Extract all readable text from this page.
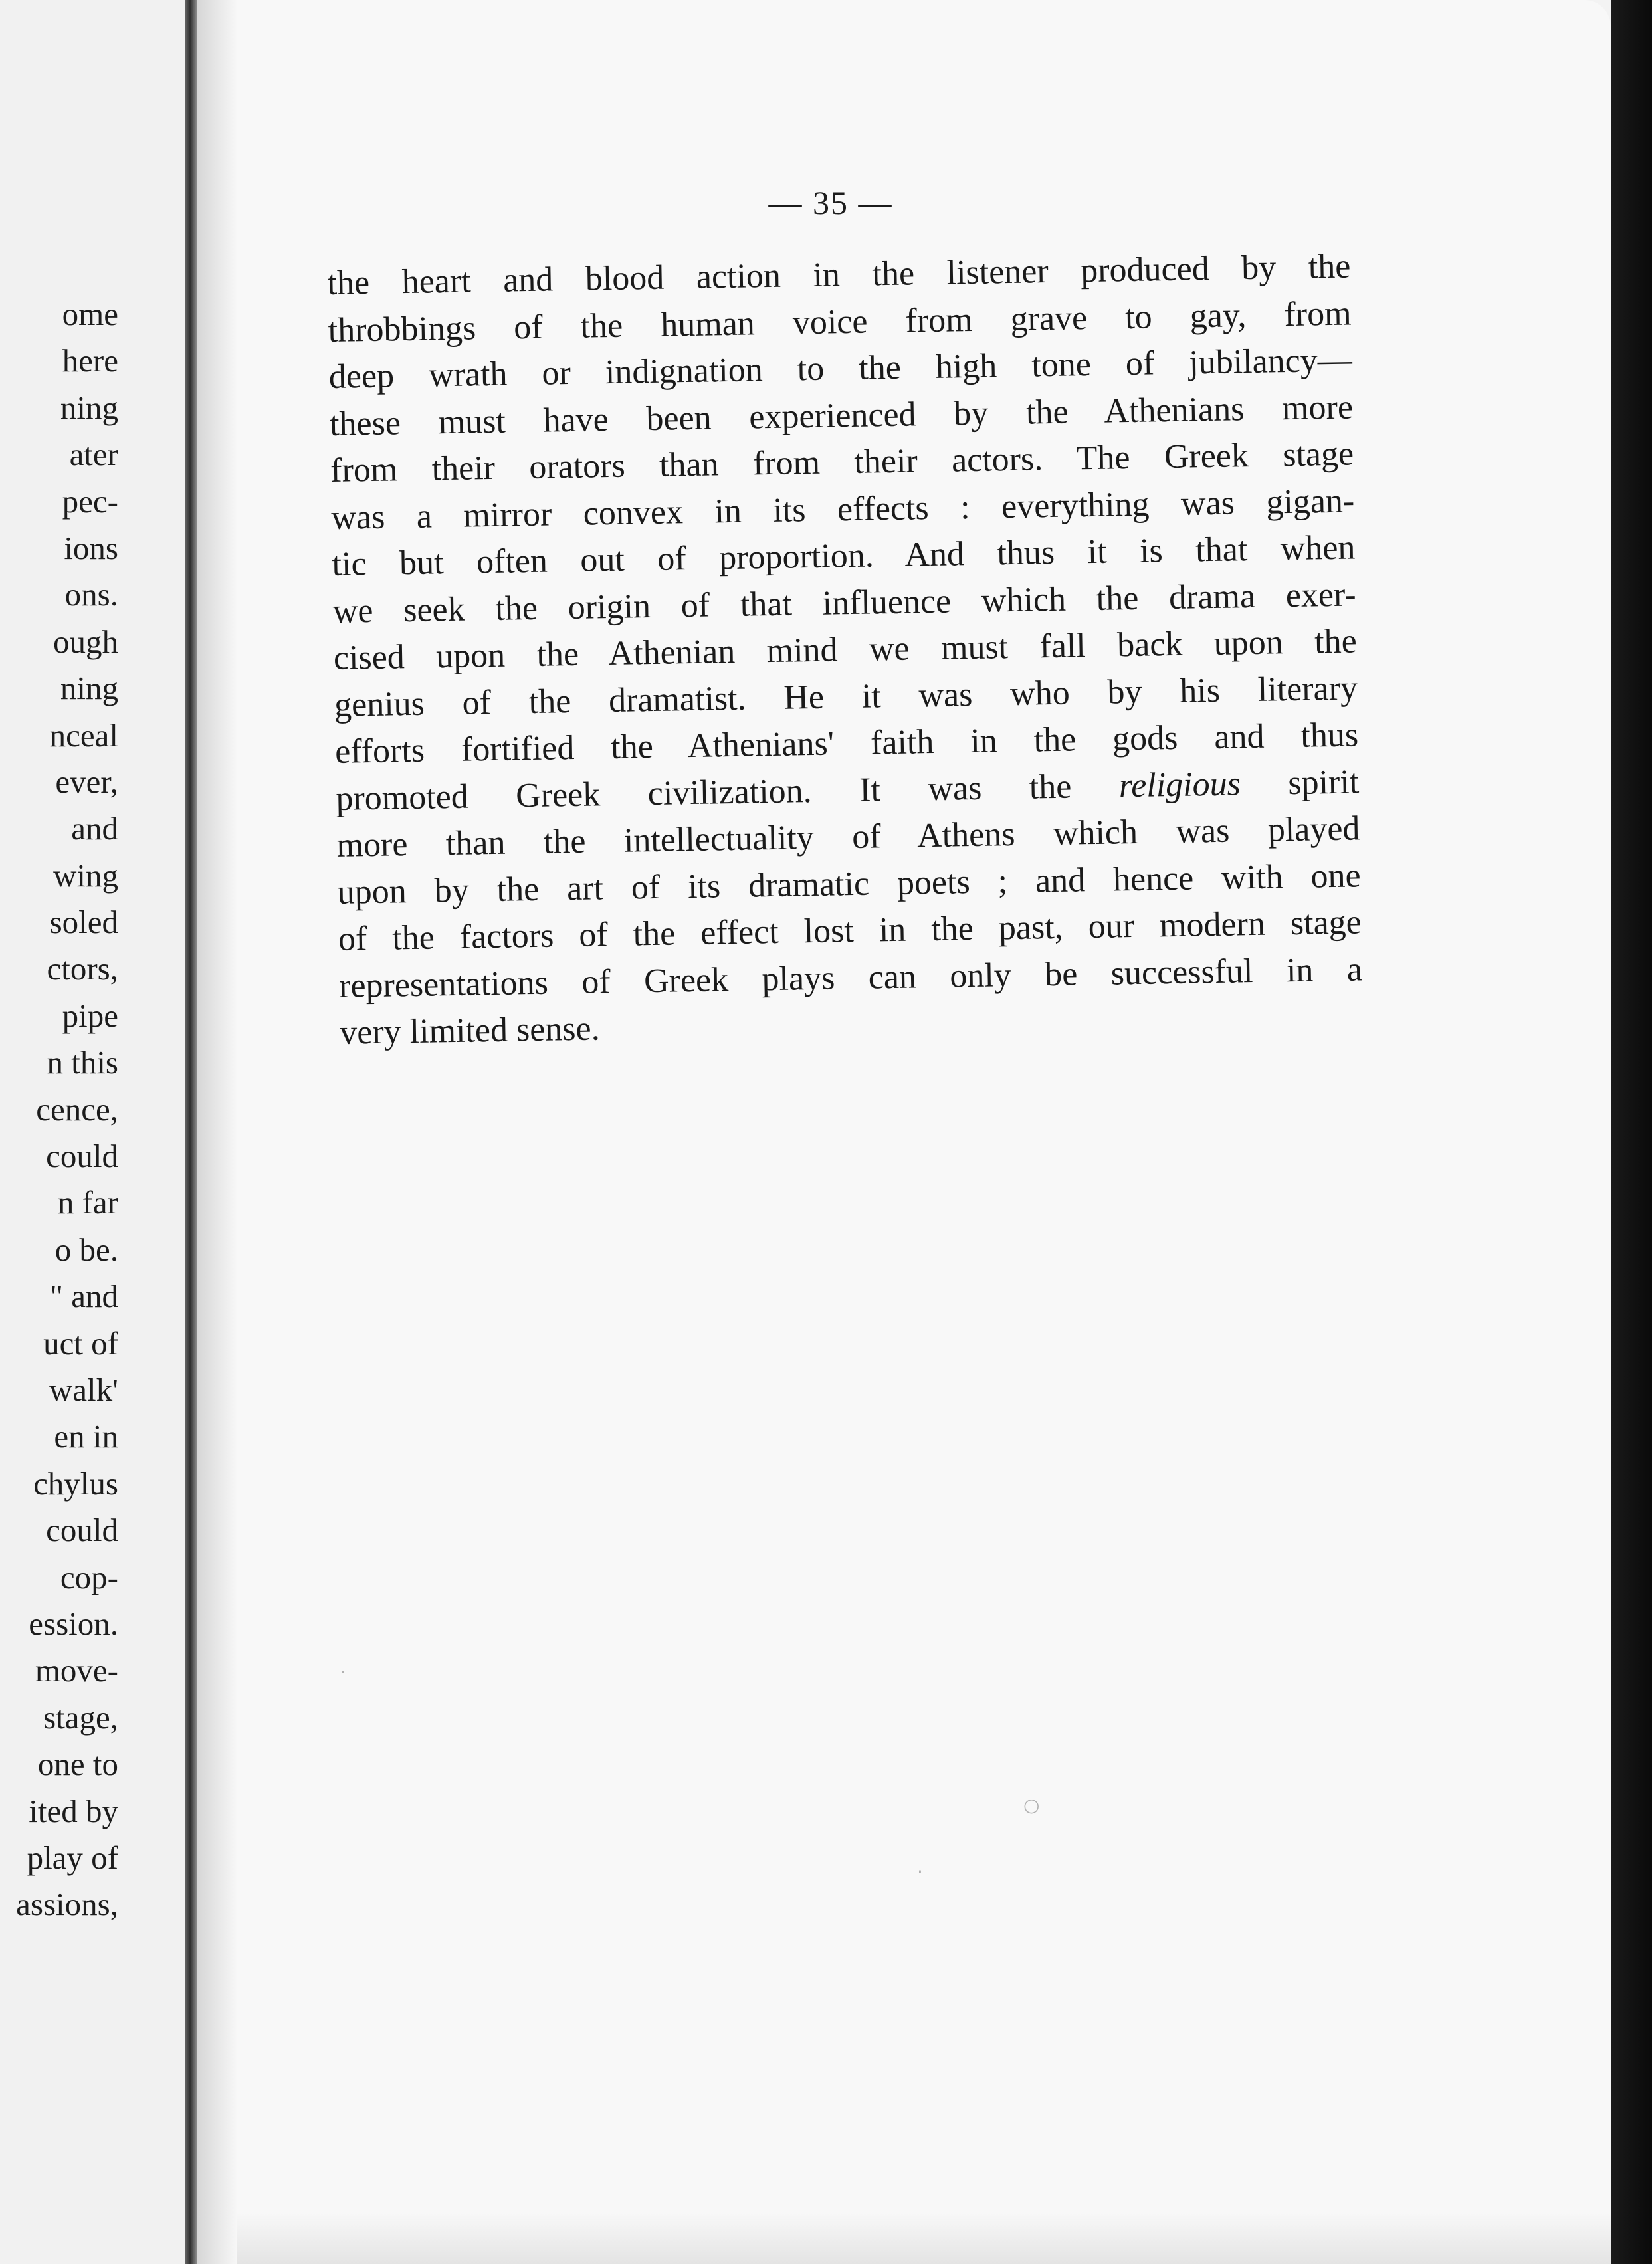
ome
here
ning
ater
pec-
ions
ons.
ough
ning
nceal
ever,
and
wing
soled
ctors,
pipe
n this
cence,
could
n far
o be.
" and
uct of
walk'
en in
chylus
could
cop-
ession.
move-
stage,
one to
ited by
play of
assions,
— 35 —
the heart and blood action in the listener produced by the
throbbings of the human voice from grave to gay, from
deep wrath or indignation to the high tone of jubilancy—
these must have been experienced by the Athenians more
from their orators than from their actors. The Greek stage
was a mirror convex in its effects : everything was gigan-
tic but often out of proportion. And thus it is that when
we seek the origin of that influence which the drama exer-
cised upon the Athenian mind we must fall back upon the
genius of the dramatist. He it was who by his literary
efforts fortified the Athenians' faith in the gods and thus
promoted Greek civilization. It was the religious spirit
more than the intellectuality of Athens which was played
upon by the art of its dramatic poets ; and hence with one
of the factors of the effect lost in the past, our modern stage
representations of Greek plays can only be successful in a
very limited sense.
○
·
·
